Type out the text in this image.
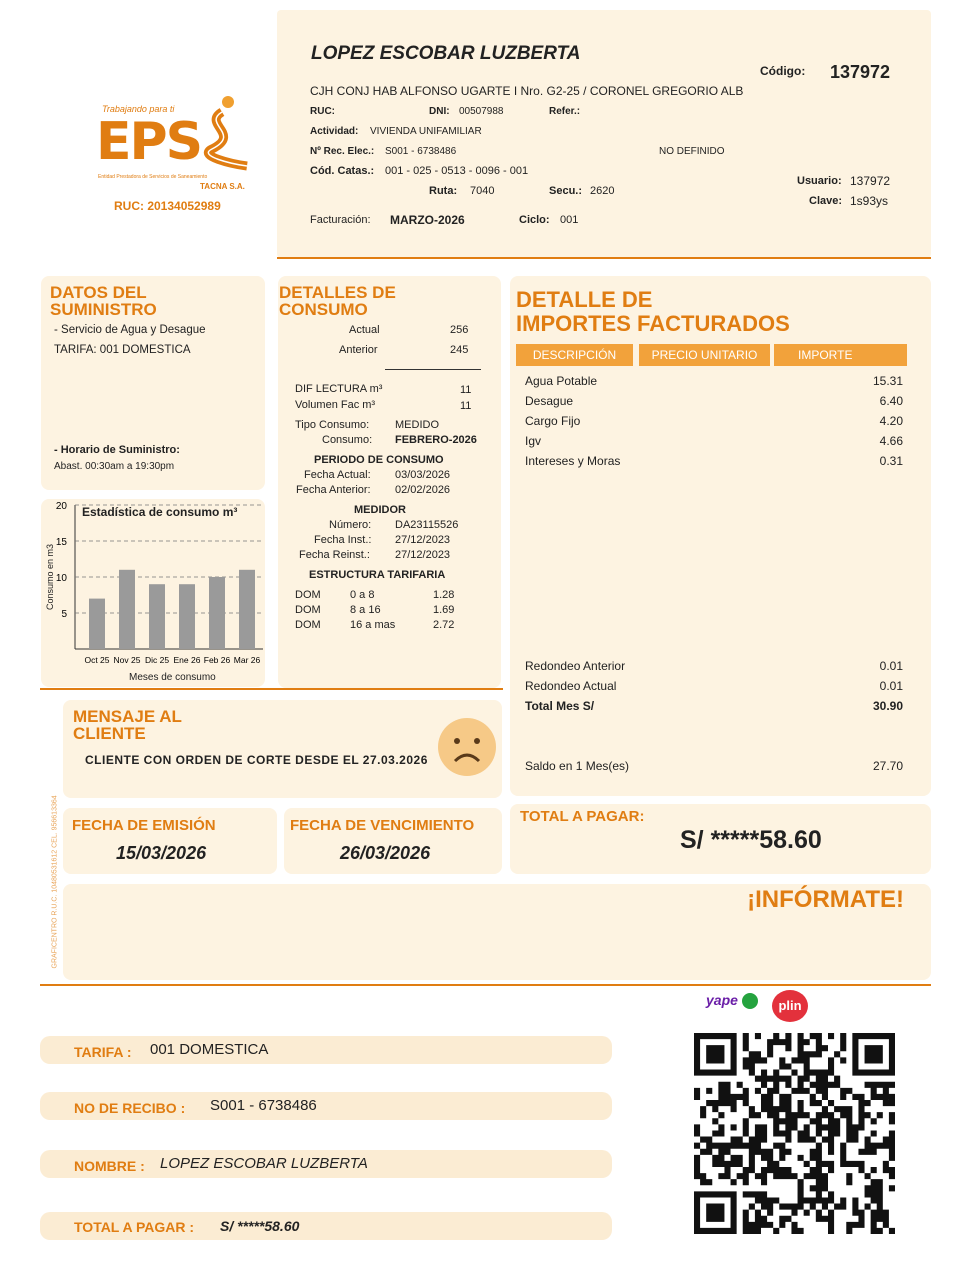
Trabajando para ti
EPS
Entidad Prestadora de Servicios de Saneamiento
TACNA S.A.
RUC: 20134052989
LOPEZ ESCOBAR LUZBERTA
Código: 137972
CJH CONJ HAB ALFONSO UGARTE I Nro. G2-25 / CORONEL GREGORIO ALB
RUC:	DNI: 00507988	Refer.:
Actividad: VIVIENDA UNIFAMILIAR
Nº Rec. Elec.: S001 - 6738486	NO DEFINIDO
Cód. Catas.: 001 - 025 - 0513 - 0096 - 001
Ruta: 7040	Secu.: 2620
Usuario: 137972
Clave: 1s93ys
Facturación: MARZO-2026	Ciclo: 001
DATOS DEL
SUMINISTRO
- Servicio de Agua y Desague
TARIFA: 001 DOMESTICA
- Horario de Suministro:
Abast. 00:30am a 19:30pm
5
10
15
20
Oct 25 Nov 25 Dic 25 Ene 26 Feb 26 Mar 26
Estadística de consumo m³
Meses de consumo
Consumo en m3
DETALLES DE
CONSUMO
Actual	256
Anterior	245
DIF LECTURA m³	11
Volumen Fac m³	11
Tipo Consumo: MEDIDO
Consumo: FEBRERO-2026
PERIODO DE CONSUMO
Fecha Actual: 03/03/2026
Fecha Anterior: 02/02/2026
MEDIDOR
Número: DA23115526
Fecha Inst.: 27/12/2023
Fecha Reinst.: 27/12/2023
ESTRUCTURA TARIFARIA
DOM	0 a 8	1.28
DOM	8 a 16	1.69
DOM	16 a mas	2.72
DETALLE DE
IMPORTES FACTURADOS
DESCRIPCIÓN	PRECIO UNITARIO	IMPORTE
Agua Potable	15.31
Desague	6.40
Cargo Fijo	4.20
Igv	4.66
Intereses y Moras	0.31
Redondeo Anterior	0.01
Redondeo Actual	0.01
Total Mes S/	30.90
Saldo en 1 Mes(es)	27.70
MENSAJE AL
CLIENTE
CLIENTE CON ORDEN DE CORTE DESDE EL 27.03.2026
GRAFICENTRO R.U.C. 10480531612 CEL. 956613364 FECHA DE EMISIÓN
15/03/2026
FECHA DE VENCIMIENTO
26/03/2026
TOTAL A PAGAR:
S/ *****58.60
¡INFÓRMATE!
yape	plin
TARIFA : 001 DOMESTICA
NO DE RECIBO : S001 - 6738486
NOMBRE : LOPEZ ESCOBAR LUZBERTA
TOTAL A PAGAR : S/ *****58.60
